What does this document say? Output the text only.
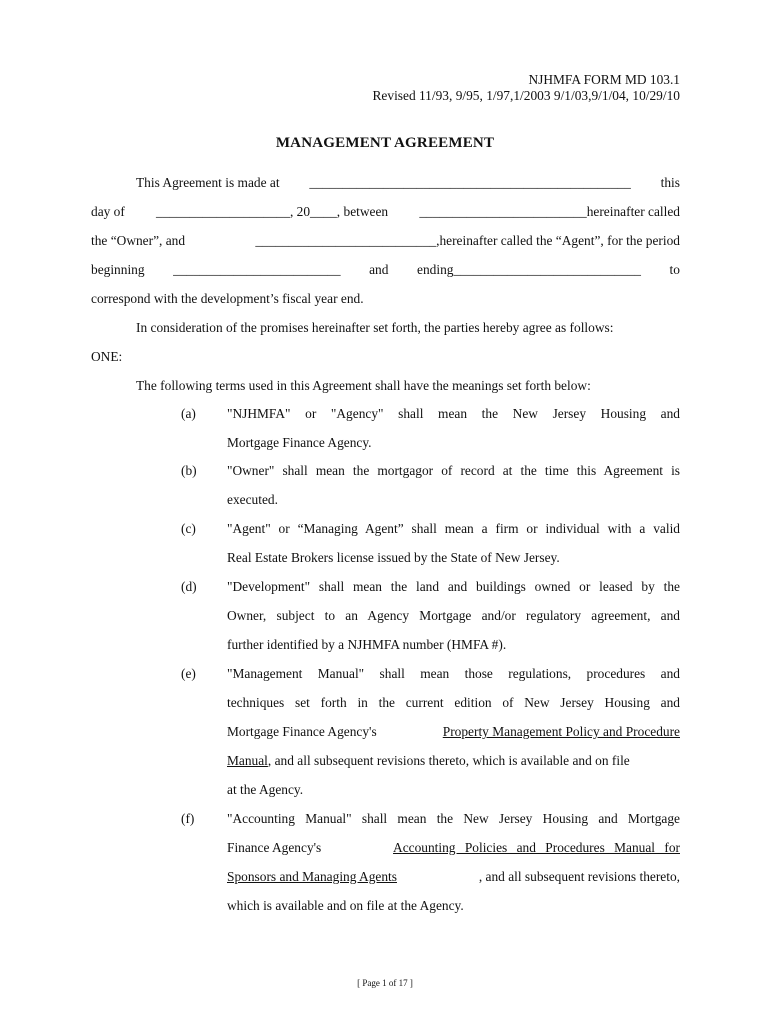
NJHMFA FORM MD 103.1
Revised 11/93, 9/95, 1/97,1/2003 9/1/03,9/1/04, 10/29/10
MANAGEMENT AGREEMENT
This Agreement is made at ________________________________________________ this
day of ____________________, 20____, between _________________________hereinafter called
the “Owner”, and	___________________________,hereinafter called the “Agent”, for the period
beginning _________________________ and ending____________________________ to
correspond with the development’s fiscal year end.
In consideration of the promises hereinafter set forth, the parties hereby agree as follows:
ONE:
The following terms used in this Agreement shall have the meanings set forth below:
(a) "NJHMFA" or "Agency" shall mean the New Jersey Housing and
Mortgage Finance Agency.
(b) "Owner" shall mean the mortgagor of record at the time this Agreement is
executed.
(c) "Agent" or “Managing Agent” shall mean a firm or individual with a valid
Real Estate Brokers license issued by the State of New Jersey.
(d) "Development" shall mean the land and buildings owned or leased by the
Owner, subject to an Agency Mortgage and/or regulatory agreement, and
further identified by a NJHMFA number (HMFA #).
(e) "Management Manual" shall mean those regulations, procedures and
techniques set forth in the current edition of New Jersey Housing and
Mortgage Finance Agency's	Property Management Policy and Procedure
Manual , and all subsequent revisions thereto, which is available and on file
at the Agency.
(f) "Accounting Manual" shall mean the New Jersey Housing and Mortgage
Finance Agency's	Accounting Policies and Procedures Manual for
Sponsors and Managing Agents	, and all subsequent revisions thereto,
which is available and on file at the Agency.
[ Page 1 of 17 ]
